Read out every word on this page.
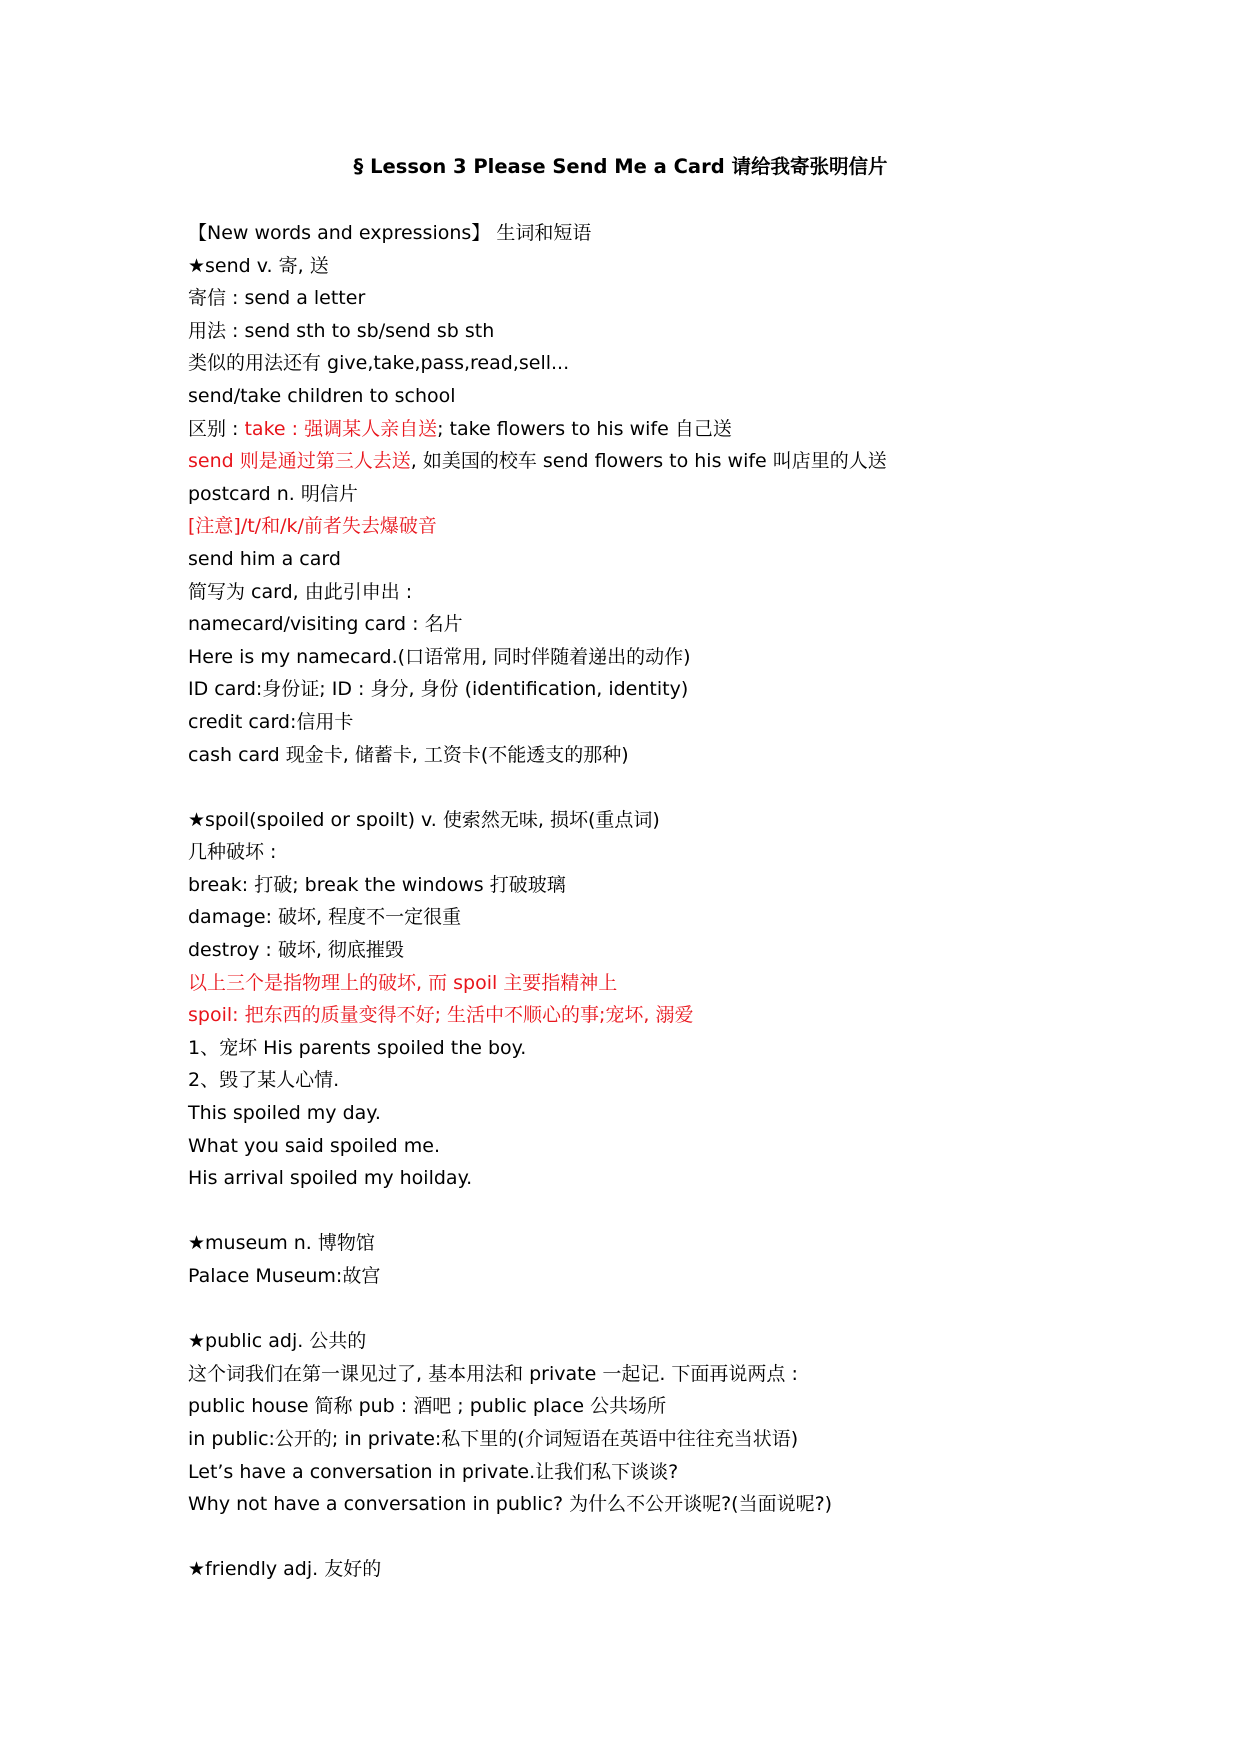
§ Lesson 3 Please Send Me a Card 请给我寄张明信片
【New words and expressions】 生词和短语
★send v. 寄, 送
寄信 : send a letter
用法 : send sth to sb/send sb sth
类似的用法还有 give,take,pass,read,sell...
send/take children to school
区别 : take : 强调某人亲自送; take flowers to his wife 自己送
send 则是通过第三人去送, 如美国的校车 send flowers to his wife 叫店里的人送
postcard n. 明信片
[注意]/t/和/k/前者失去爆破音
send him a card
简写为 card, 由此引申出 :
namecard/visiting card : 名片
Here is my namecard.(口语常用, 同时伴随着递出的动作)
ID card:身份证; ID : 身分, 身份 (identification, identity)
credit card:信用卡
cash card 现金卡, 储蓄卡, 工资卡(不能透支的那种)
★spoil(spoiled or spoilt) v. 使索然无味, 损坏(重点词)
几种破坏 :
break: 打破; break the windows 打破玻璃
damage: 破坏, 程度不一定很重
destroy : 破坏, 彻底摧毁
以上三个是指物理上的破坏, 而 spoil 主要指精神上
spoil: 把东西的质量变得不好; 生活中不顺心的事;宠坏, 溺爱
1、宠坏 His parents spoiled the boy.
2、毁了某人心情.
This spoiled my day.
What you said spoiled me.
His arrival spoiled my hoilday.
★museum n. 博物馆
Palace Museum:故宫
★public adj. 公共的
这个词我们在第一课见过了, 基本用法和 private 一起记. 下面再说两点 :
public house 简称 pub : 酒吧 ; public place 公共场所
in public:公开的; in private:私下里的(介词短语在英语中往往充当状语)
Let’s have a conversation in private.让我们私下谈谈?
Why not have a conversation in public? 为什么不公开谈呢?(当面说呢?)
★friendly adj. 友好的
